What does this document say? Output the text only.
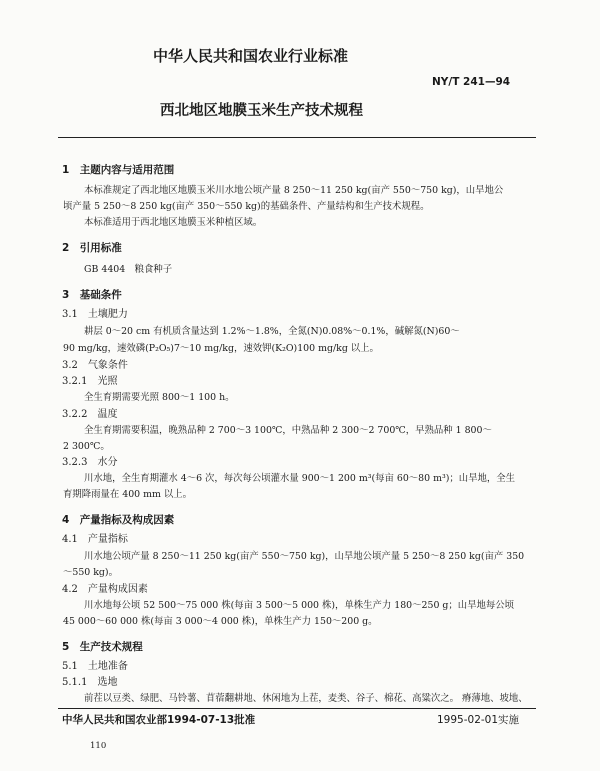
中华人民共和国农业行业标准
NY/T 241—94
西北地区地膜玉米生产技术规程
1　主题内容与适用范围
本标准规定了西北地区地膜玉米川水地公顷产量 8 250～11 250 kg(亩产 550～750 kg)，山旱地公
顷产量 5 250～8 250 kg(亩产 350～550 kg)的基础条件、产量结构和生产技术规程。
本标准适用于西北地区地膜玉米种植区域。
2　引用标准
GB 4404　粮食种子
3　基础条件
3.1　土壤肥力
耕层 0～20 cm 有机质含量达到 1.2%～1.8%，全氮(N)0.08%～0.1%，碱解氮(N)60～
90 mg/kg，速效磷(P₂O₅)7～10 mg/kg，速效钾(K₂O)100 mg/kg 以上。
3.2　气象条件
3.2.1　光照
全生育期需要光照 800～1 100 h。
3.2.2　温度
全生育期需要积温，晚熟品种 2 700～3 100℃，中熟品种 2 300～2 700℃，早熟品种 1 800～
2 300℃。
3.2.3　水分
川水地，全生育期灌水 4～6 次，每次每公顷灌水量 900～1 200 m³(每亩 60～80 m³)；山旱地，全生
育期降雨量在 400 mm 以上。
4　产量指标及构成因素
4.1　产量指标
川水地公顷产量 8 250～11 250 kg(亩产 550～750 kg)，山旱地公顷产量 5 250～8 250 kg(亩产 350
～550 kg)。
4.2　产量构成因素
川水地每公顷 52 500～75 000 株(每亩 3 500～5 000 株)，单株生产力 180～250 g；山旱地每公顷
45 000～60 000 株(每亩 3 000～4 000 株)，单株生产力 150～200 g。
5　生产技术规程
5.1　土地准备
5.1.1　选地
前茬以豆类、绿肥、马铃薯、苜蓿翻耕地、休闲地为上茬，麦类、谷子、棉花、高粱次之。 瘠薄地、坡地、
中华人民共和国农业部1994-07-13批准	1995-02-01实施
110
